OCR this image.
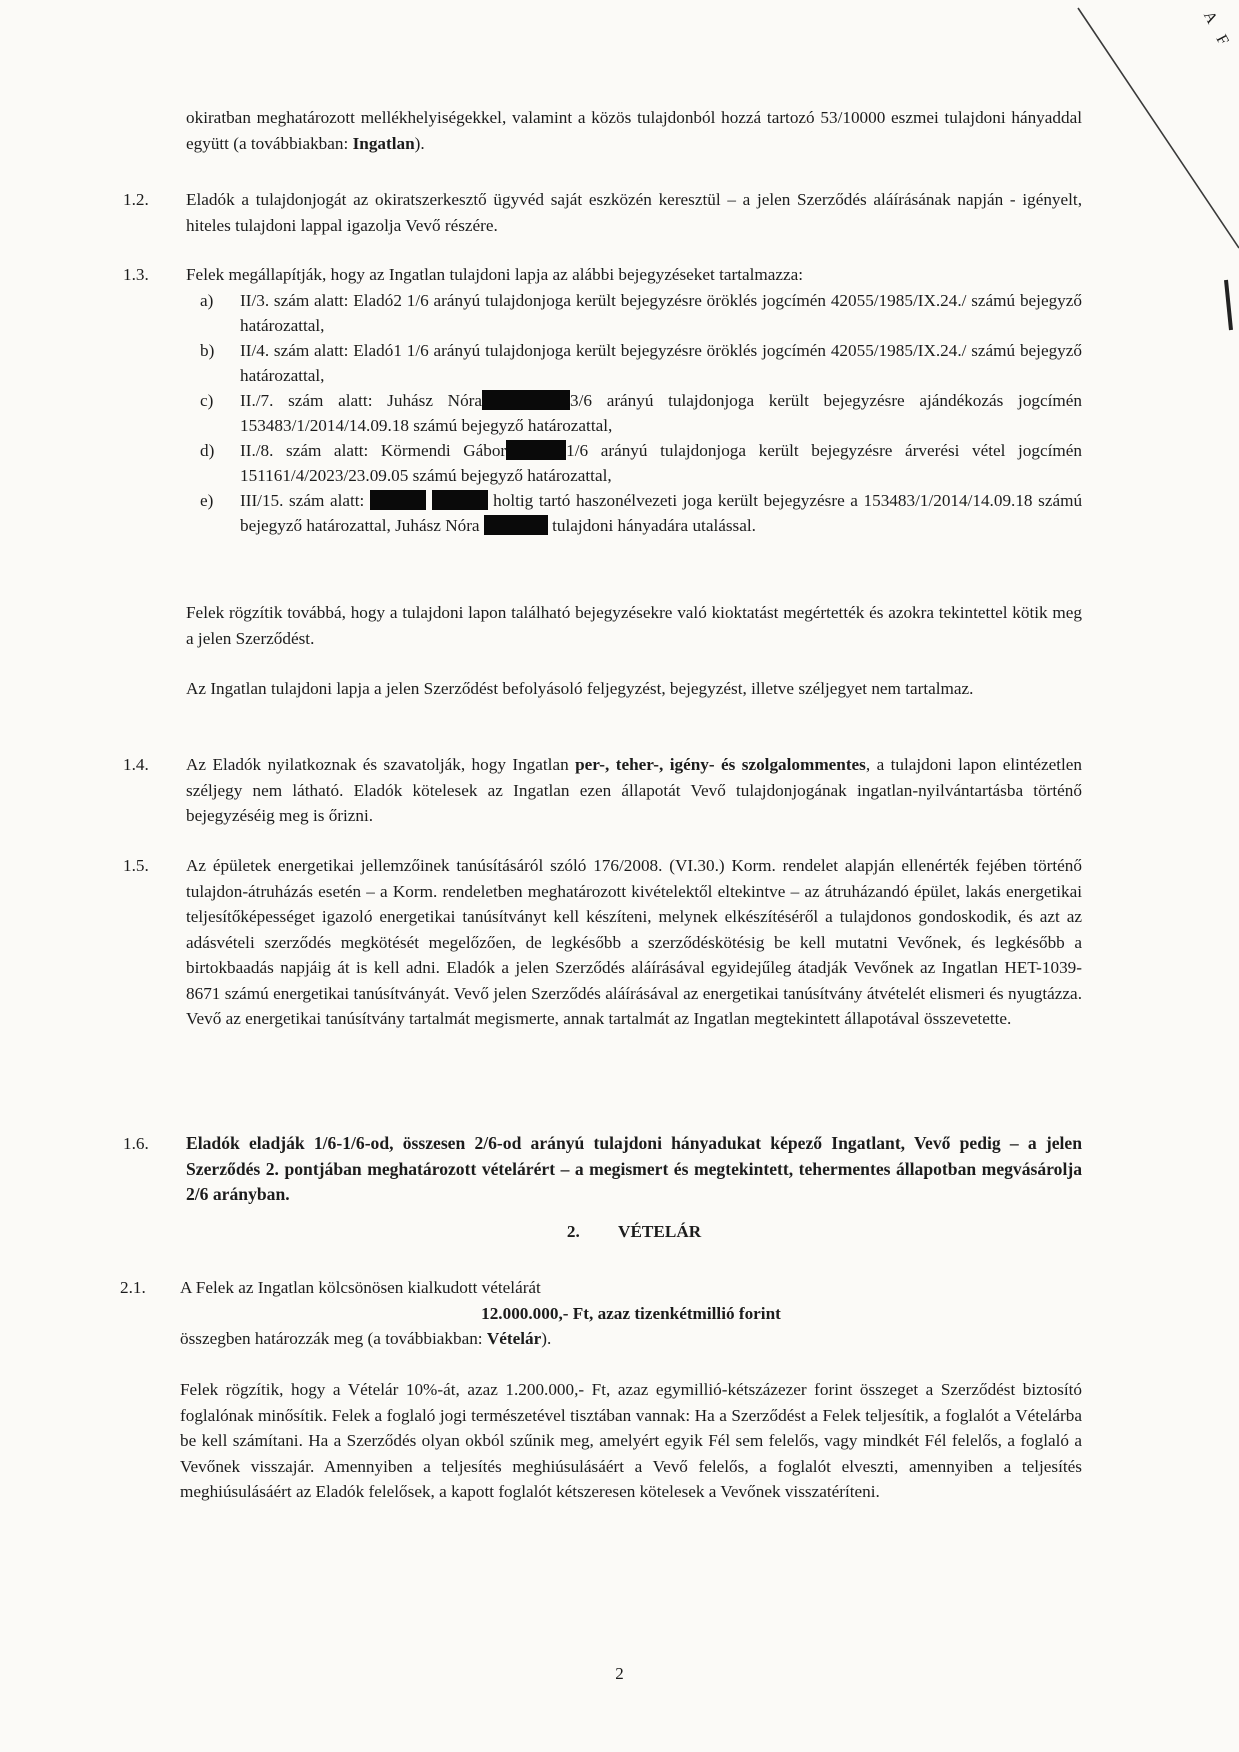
A F
okiratban meghatározott mellékhelyiségekkel, valamint a közös tulajdonból hozzá tartozó 53/10000 eszmei tulajdoni hányaddal együtt (a továbbiakban: Ingatlan).
1.2. Eladók a tulajdonjogát az okiratszerkesztő ügyvéd saját eszközén keresztül – a jelen Szerződés aláírásának napján - igényelt, hiteles tulajdoni lappal igazolja Vevő részére.
1.3. Felek megállapítják, hogy az Ingatlan tulajdoni lapja az alábbi bejegyzéseket tartalmazza:
a) II/3. szám alatt: Eladó2 1/6 arányú tulajdonjoga került bejegyzésre öröklés jogcímén 42055/1985/IX.24./ számú bejegyző határozattal,
b) II/4. szám alatt: Eladó1 1/6 arányú tulajdonjoga került bejegyzésre öröklés jogcímén 42055/1985/IX.24./ számú bejegyző határozattal,
c) II./7. szám alatt: Juhász Nóra	3/6 arányú tulajdonjoga került bejegyzésre ajándékozás jogcímén 153483/1/2014/14.09.18 számú bejegyző határozattal,
d) II./8. szám alatt: Körmendi Gábor	1/6 arányú tulajdonjoga került bejegyzésre árverési vétel jogcímén 151161/4/2023/23.09.05 számú bejegyző határozattal,
e) III/15. szám alatt:	holtig tartó haszonélvezeti joga került bejegyzésre a 153483/1/2014/14.09.18 számú bejegyző határozattal, Juhász Nóra	tulajdoni hányadára utalással.
Felek rögzítik továbbá, hogy a tulajdoni lapon található bejegyzésekre való kioktatást megértették és azokra tekintettel kötik meg a jelen Szerződést.
Az Ingatlan tulajdoni lapja a jelen Szerződést befolyásoló feljegyzést, bejegyzést, illetve széljegyet nem tartalmaz.
1.4. Az Eladók nyilatkoznak és szavatolják, hogy Ingatlan per-, teher-, igény- és szolgalommentes, a tulajdoni lapon elintézetlen széljegy nem látható. Eladók kötelesek az Ingatlan ezen állapotát Vevő tulajdonjogának ingatlan-nyilvántartásba történő bejegyzéséig meg is őrizni.
1.5. Az épületek energetikai jellemzőinek tanúsításáról szóló 176/2008. (VI.30.) Korm. rendelet alapján ellenérték fejében történő tulajdon-átruházás esetén – a Korm. rendeletben meghatározott kivételektől eltekintve – az átruházandó épület, lakás energetikai teljesítőképességet igazoló energetikai tanúsítványt kell készíteni, melynek elkészítéséről a tulajdonos gondoskodik, és azt az adásvételi szerződés megkötését megelőzően, de legkésőbb a szerződéskötésig be kell mutatni Vevőnek, és legkésőbb a birtokbaadás napjáig át is kell adni. Eladók a jelen Szerződés aláírásával egyidejűleg átadják Vevőnek az Ingatlan HET-1039-8671 számú energetikai tanúsítványát. Vevő jelen Szerződés aláírásával az energetikai tanúsítvány átvételét elismeri és nyugtázza. Vevő az energetikai tanúsítvány tartalmát megismerte, annak tartalmát az Ingatlan megtekintett állapotával összevetette.
1.6. Eladók eladják 1/6-1/6-od, összesen 2/6-od arányú tulajdoni hányadukat képező Ingatlant, Vevő pedig – a jelen Szerződés 2. pontjában meghatározott vételárért – a megismert és megtekintett, tehermentes állapotban megvásárolja 2/6 arányban.
2. VÉTELÁR
2.1. A Felek az Ingatlan kölcsönösen kialkudott vételárát
12.000.000,- Ft, azaz tizenkétmillió forint
összegben határozzák meg (a továbbiakban: Vételár).
Felek rögzítik, hogy a Vételár 10%-át, azaz 1.200.000,- Ft, azaz egymillió-kétszázezer forint összeget a Szerződést biztosító foglalónak minősítik. Felek a foglaló jogi természetével tisztában vannak: Ha a Szerződést a Felek teljesítik, a foglalót a Vételárba be kell számítani. Ha a Szerződés olyan okból szűnik meg, amelyért egyik Fél sem felelős, vagy mindkét Fél felelős, a foglaló a Vevőnek visszajár. Amennyiben a teljesítés meghiúsulásáért a Vevő felelős, a foglalót elveszti, amennyiben a teljesítés meghiúsulásáért az Eladók felelősek, a kapott foglalót kétszeresen kötelesek a Vevőnek visszatéríteni.
2
